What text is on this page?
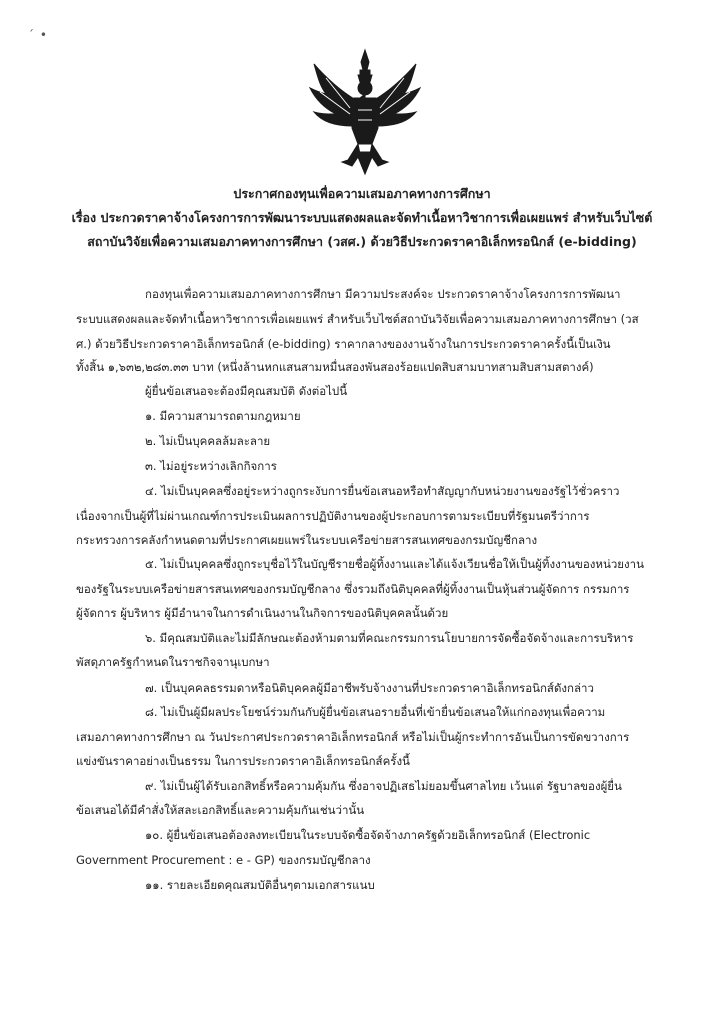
´ •
ประกาศกองทุนเพื่อความเสมอภาคทางการศึกษา
เรื่อง ประกวดราคาจ้างโครงการการพัฒนาระบบแสดงผลและจัดทำเนื้อหาวิชาการเพื่อเผยแพร่ สำหรับเว็บไซต์
สถาบันวิจัยเพื่อความเสมอภาคทางการศึกษา (วสศ.) ด้วยวิธีประกวดราคาอิเล็กทรอนิกส์ (e-bidding)
กองทุนเพื่อความเสมอภาคทางการศึกษา มีความประสงค์จะ ประกวดราคาจ้างโครงการการพัฒนา
ระบบแสดงผลและจัดทำเนื้อหาวิชาการเพื่อเผยแพร่ สำหรับเว็บไซต์สถาบันวิจัยเพื่อความเสมอภาคทางการศึกษา (วส
ศ.) ด้วยวิธีประกวดราคาอิเล็กทรอนิกส์ (e-bidding) ราคากลางของงานจ้างในการประกวดราคาครั้งนี้เป็นเงิน
ทั้งสิ้น ๑,๖๓๒,๒๘๓.๓๓ บาท (หนึ่งล้านหกแสนสามหมื่นสองพันสองร้อยแปดสิบสามบาทสามสิบสามสตางค์)
ผู้ยื่นข้อเสนอจะต้องมีคุณสมบัติ ดังต่อไปนี้
๑. มีความสามารถตามกฎหมาย
๒. ไม่เป็นบุคคลล้มละลาย
๓. ไม่อยู่ระหว่างเลิกกิจการ
๔. ไม่เป็นบุคคลซึ่งอยู่ระหว่างถูกระงับการยื่นข้อเสนอหรือทำสัญญากับหน่วยงานของรัฐไว้ชั่วคราว
เนื่องจากเป็นผู้ที่ไม่ผ่านเกณฑ์การประเมินผลการปฏิบัติงานของผู้ประกอบการตามระเบียบที่รัฐมนตรีว่าการ
กระทรวงการคลังกำหนดตามที่ประกาศเผยแพร่ในระบบเครือข่ายสารสนเทศของกรมบัญชีกลาง
๕. ไม่เป็นบุคคลซึ่งถูกระบุชื่อไว้ในบัญชีรายชื่อผู้ทิ้งงานและได้แจ้งเวียนชื่อให้เป็นผู้ทิ้งงานของหน่วยงาน
ของรัฐในระบบเครือข่ายสารสนเทศของกรมบัญชีกลาง ซึ่งรวมถึงนิติบุคคลที่ผู้ทิ้งงานเป็นหุ้นส่วนผู้จัดการ กรรมการ
ผู้จัดการ ผู้บริหาร ผู้มีอำนาจในการดำเนินงานในกิจการของนิติบุคคลนั้นด้วย
๖. มีคุณสมบัติและไม่มีลักษณะต้องห้ามตามที่คณะกรรมการนโยบายการจัดซื้อจัดจ้างและการบริหาร
พัสดุภาครัฐกำหนดในราชกิจจานุเบกษา
๗. เป็นบุคคลธรรมดาหรือนิติบุคคลผู้มีอาชีพรับจ้างงานที่ประกวดราคาอิเล็กทรอนิกส์ดังกล่าว
๘. ไม่เป็นผู้มีผลประโยชน์ร่วมกันกับผู้ยื่นข้อเสนอรายอื่นที่เข้ายื่นข้อเสนอให้แก่กองทุนเพื่อความ
เสมอภาคทางการศึกษา ณ วันประกาศประกวดราคาอิเล็กทรอนิกส์ หรือไม่เป็นผู้กระทำการอันเป็นการขัดขวางการ
แข่งขันราคาอย่างเป็นธรรม ในการประกวดราคาอิเล็กทรอนิกส์ครั้งนี้
๙. ไม่เป็นผู้ได้รับเอกสิทธิ์หรือความคุ้มกัน ซึ่งอาจปฏิเสธไม่ยอมขึ้นศาลไทย เว้นแต่ รัฐบาลของผู้ยื่น
ข้อเสนอได้มีคำสั่งให้สละเอกสิทธิ์และความคุ้มกันเช่นว่านั้น
๑๐. ผู้ยื่นข้อเสนอต้องลงทะเบียนในระบบจัดซื้อจัดจ้างภาครัฐด้วยอิเล็กทรอนิกส์ (Electronic
Government Procurement : e - GP) ของกรมบัญชีกลาง
๑๑. รายละเอียดคุณสมบัติอื่นๆตามเอกสารแนบ
